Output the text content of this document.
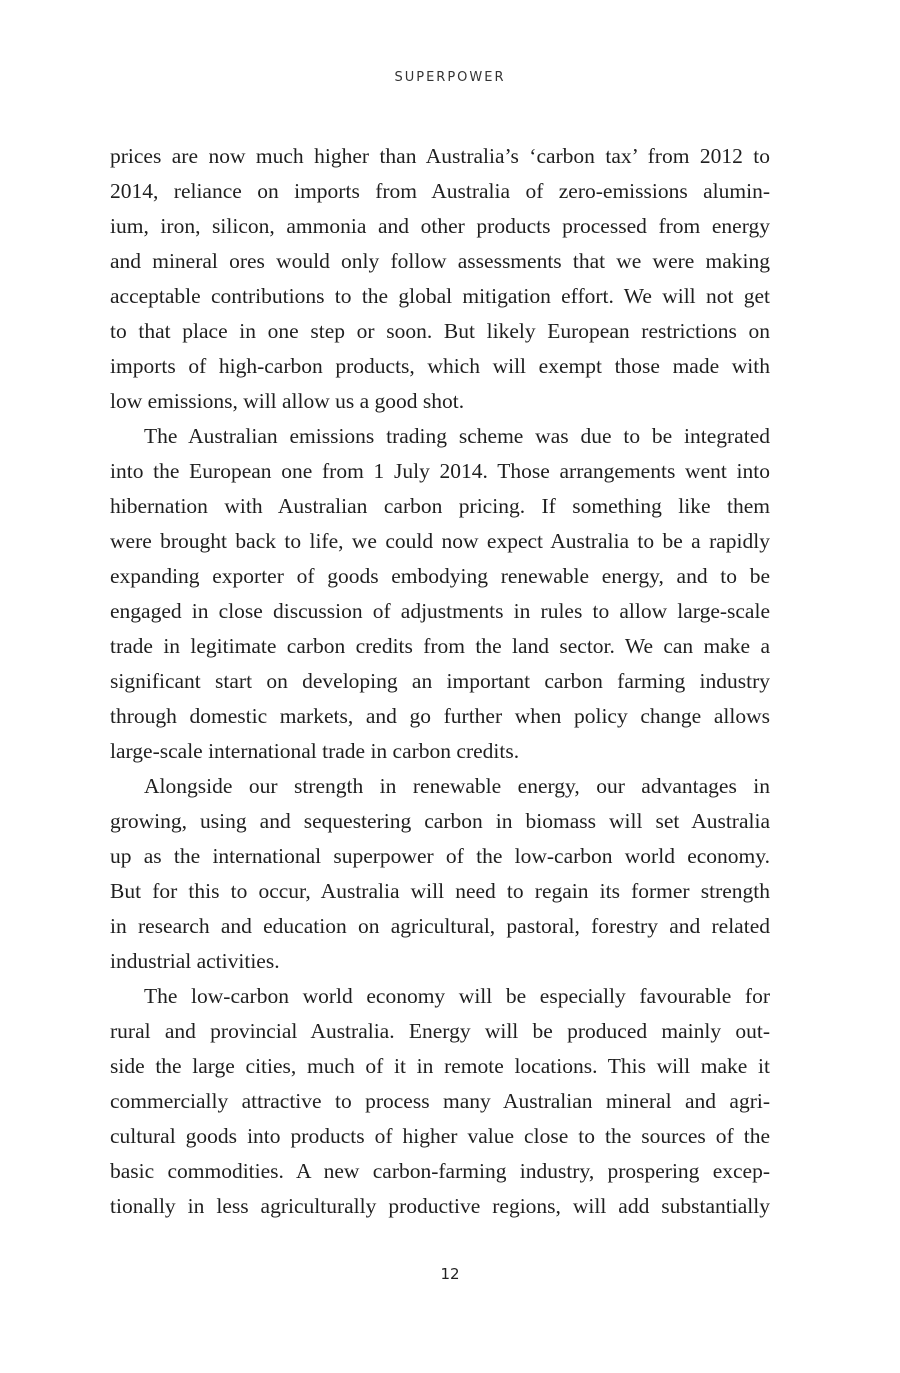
SUPERPOWER
prices are now much higher than Australia’s ‘carbon tax’ from 2012 to
2014, reliance on imports from Australia of zero-emissions alumin-
ium, iron, silicon, ammonia and other products processed from energy
and mineral ores would only follow assessments that we were making
acceptable contributions to the global mitigation effort. We will not get
to that place in one step or soon. But likely European restrictions on
imports of high-carbon products, which will exempt those made with
low emissions, will allow us a good shot.
The Australian emissions trading scheme was due to be integrated
into the European one from 1 July 2014. Those arrangements went into
hibernation with Australian carbon pricing. If something like them
were brought back to life, we could now expect Australia to be a rapidly
expanding exporter of goods embodying renewable energy, and to be
engaged in close discussion of adjustments in rules to allow large-scale
trade in legitimate carbon credits from the land sector. We can make a
significant start on developing an important carbon farming industry
through domestic markets, and go further when policy change allows
large-scale international trade in carbon credits.
Alongside our strength in renewable energy, our advantages in
growing, using and sequestering carbon in biomass will set Australia
up as the international superpower of the low-carbon world economy.
But for this to occur, Australia will need to regain its former strength
in research and education on agricultural, pastoral, forestry and related
industrial activities.
The low-carbon world economy will be especially favourable for
rural and provincial Australia. Energy will be produced mainly out-
side the large cities, much of it in remote locations. This will make it
commercially attractive to process many Australian mineral and agri-
cultural goods into products of higher value close to the sources of the
basic commodities. A new carbon-farming industry, prospering excep-
tionally in less agriculturally productive regions, will add substantially
12
